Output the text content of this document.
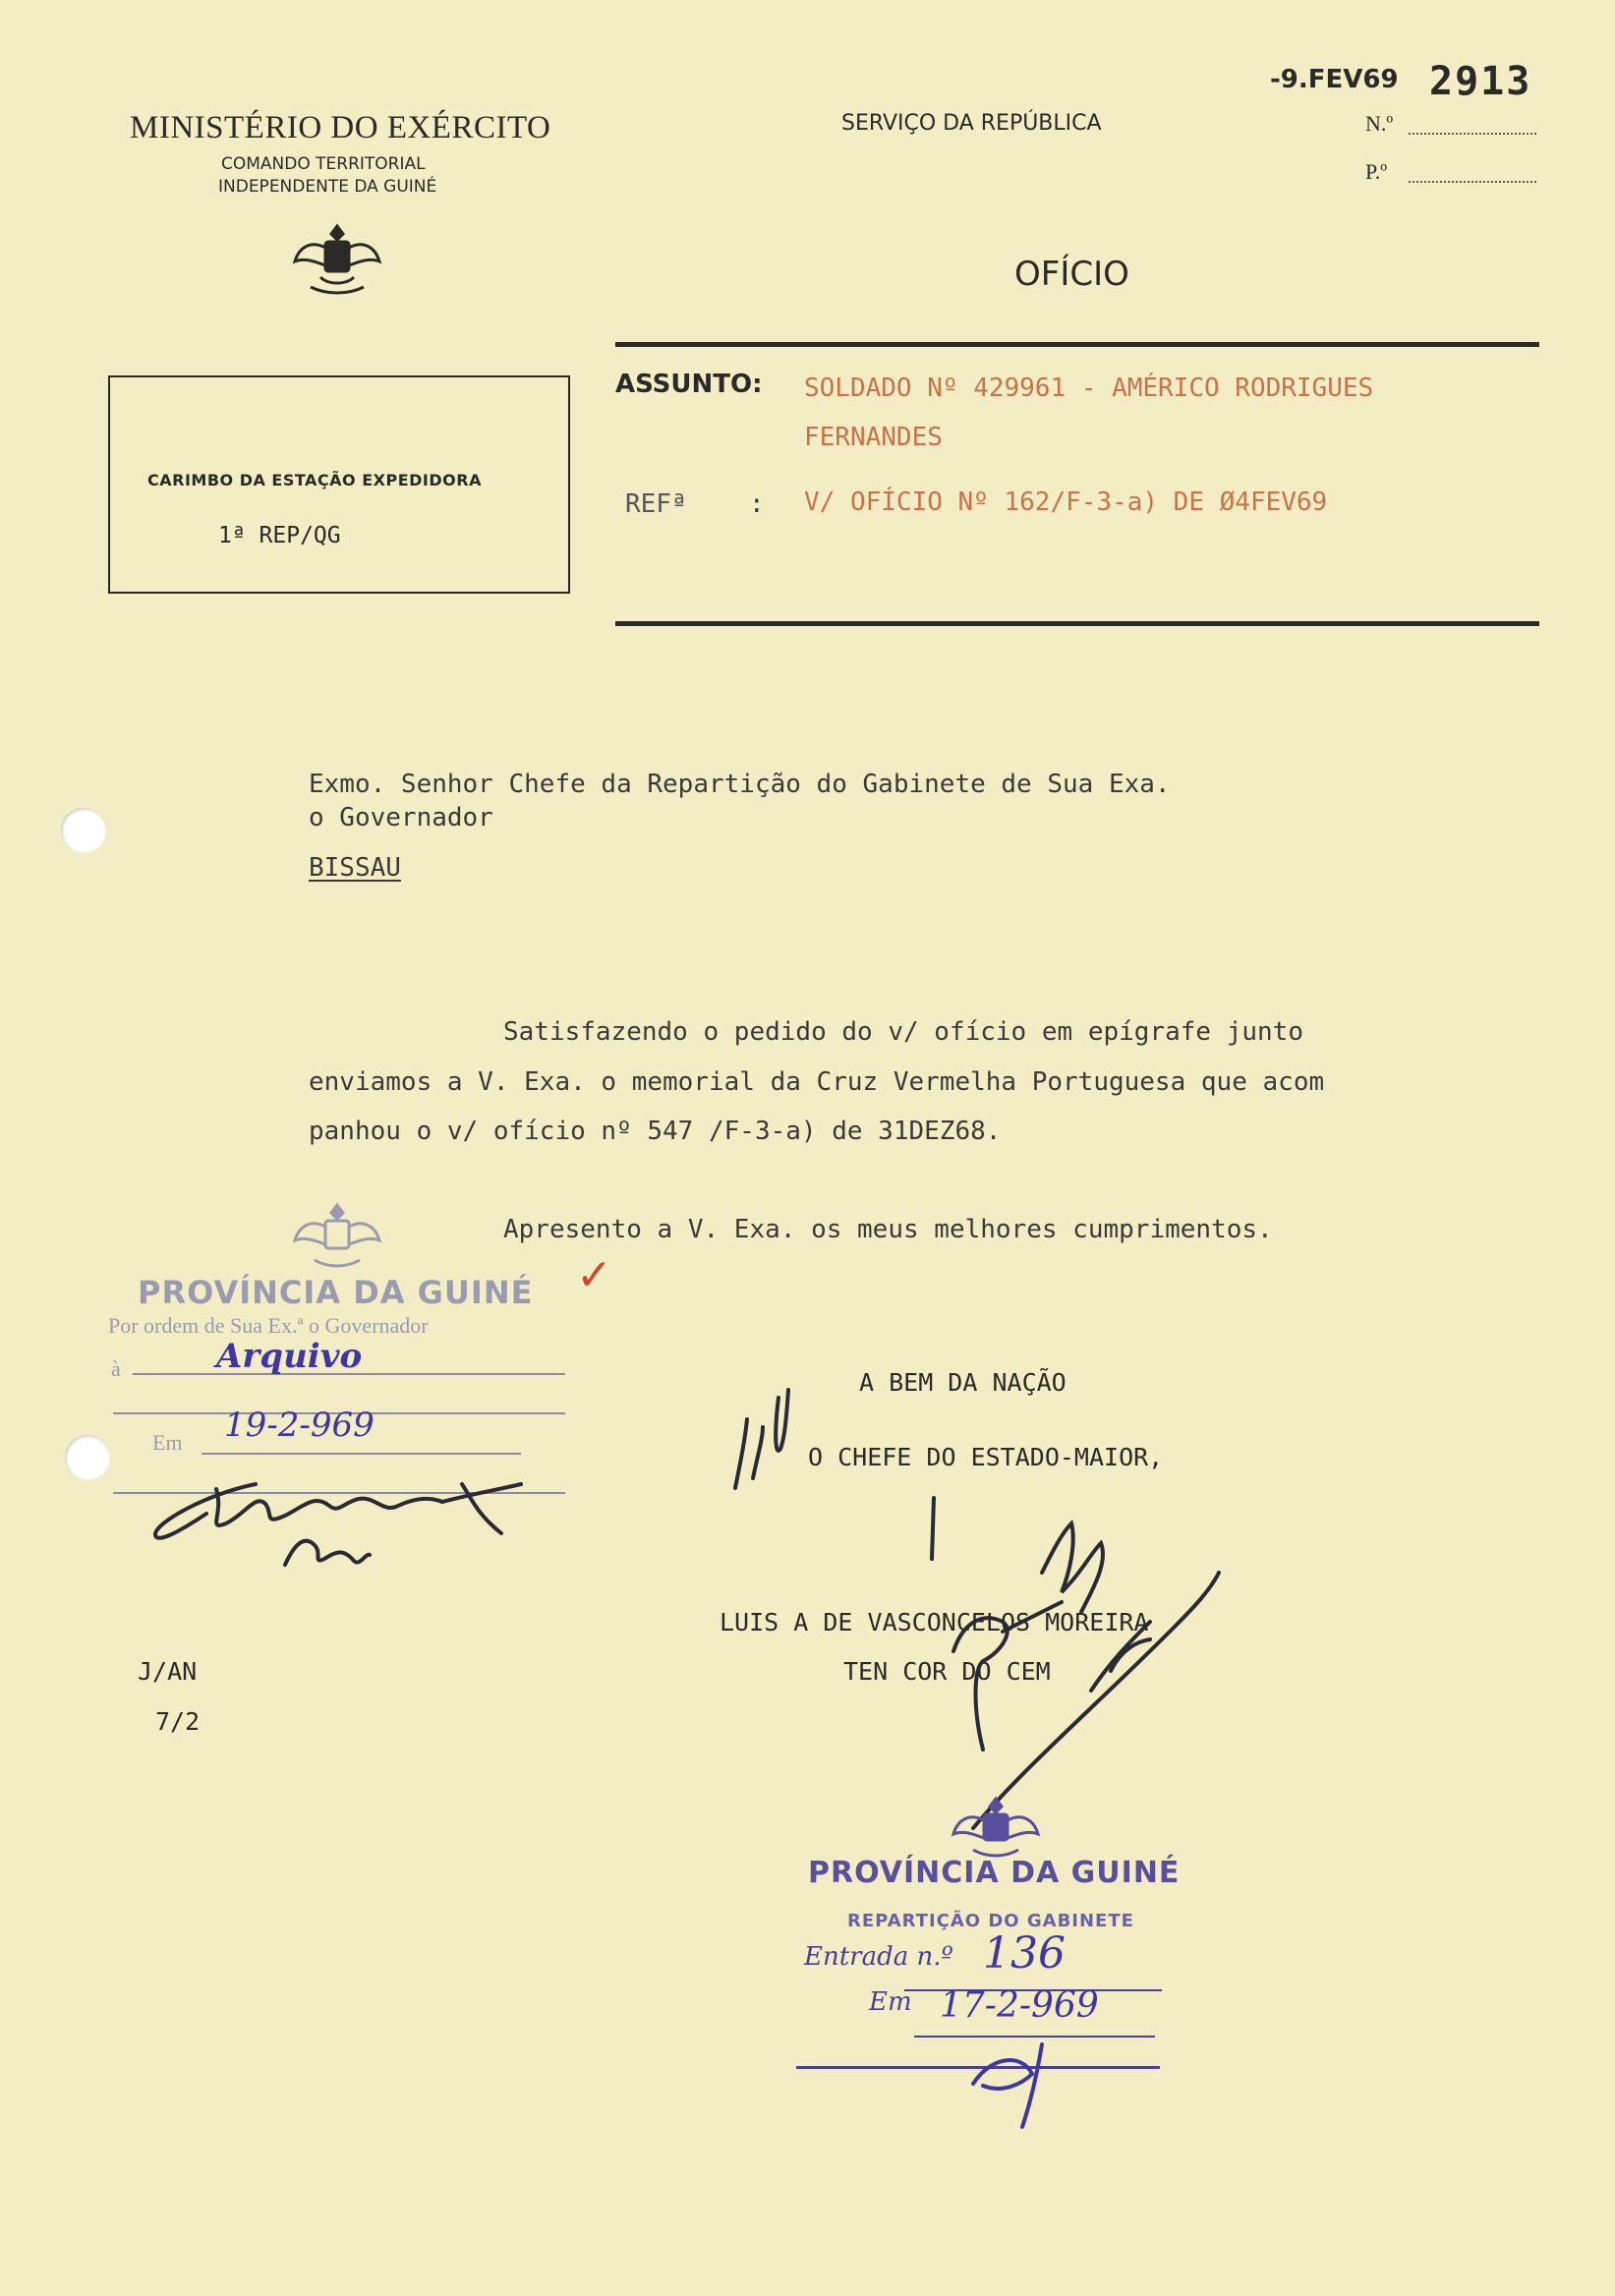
MINISTÉRIO DO EXÉRCITO
COMANDO TERRITORIAL
INDEPENDENTE DA GUINÉ
SERVIÇO DA REPÚBLICA
OFÍCIO
-9.FEV69 2913
N.º
P.º
CARIMBO DA ESTAÇÃO EXPEDIDORA
1ª REP/QG
ASSUNTO: SOLDADO Nº 429961 - AMÉRICO RODRIGUES
FERNANDES
REFª : V/ OFÍCIO Nº 162/F-3-a) DE Ø4FEV69
Exmo. Senhor Chefe da Repartição do Gabinete de Sua Exa.
o Governador
BISSAU
Satisfazendo o pedido do v/ ofício em epígrafe junto
enviamos a V. Exa. o memorial da Cruz Vermelha Portuguesa que acom
panhou o v/ ofício nº 547 /F-3-a) de 31DEZ68.
Apresento a V. Exa. os meus melhores cumprimentos.
PROVÍNCIA DA GUINÉ
Por ordem de Sua Ex.ª o Governador
à	Arquivo
Em 19-2-969
✓
A BEM DA NAÇÃO
O CHEFE DO ESTADO-MAIOR,
LUIS A DE VASCONCELOS MOREIRA
TEN COR DO CEM
J/AN
7/2
PROVÍNCIA DA GUINÉ
REPARTIÇÃO DO GABINETE
Entrada n.º 136
Em 17-2-969
